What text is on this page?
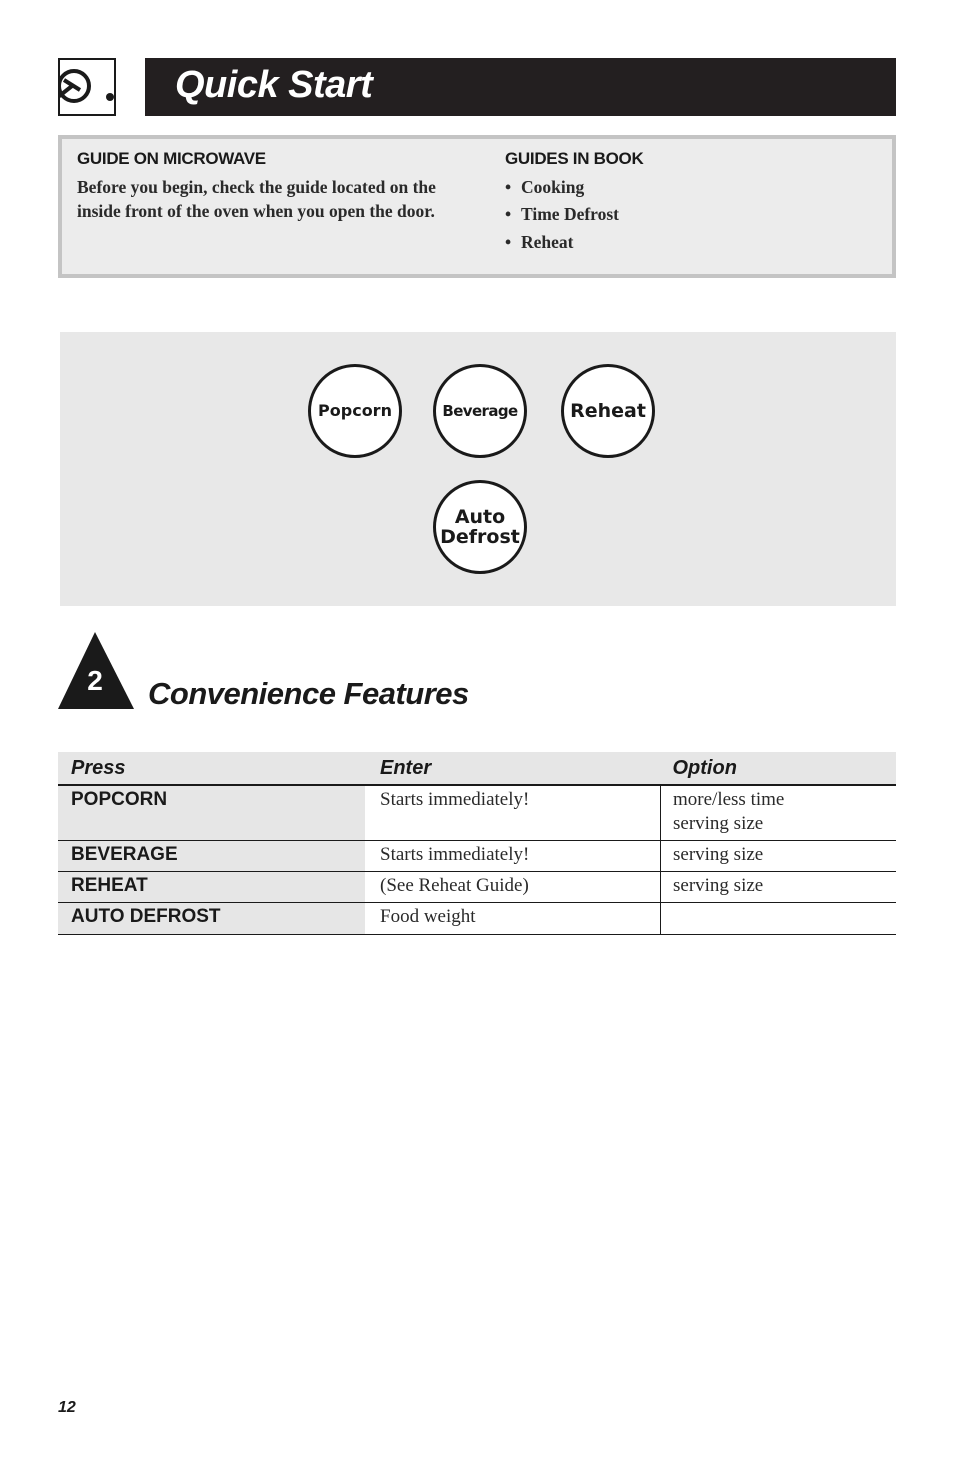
Quick Start
GUIDE ON MICROWAVE
Before you begin, check the guide located on the inside front of the oven when you open the door.
GUIDES IN BOOK
• Cooking
• Time Defrost
• Reheat
Popcorn	Beverage	Reheat
Auto
Defrost
2 Convenience Features
Press	Enter	Option
POPCORN	Starts immediately!	more/less time
serving size

BEVERAGE	Starts immediately!	serving size
REHEAT	(See Reheat Guide)	serving size
AUTO DEFROST	Food weight	
12
